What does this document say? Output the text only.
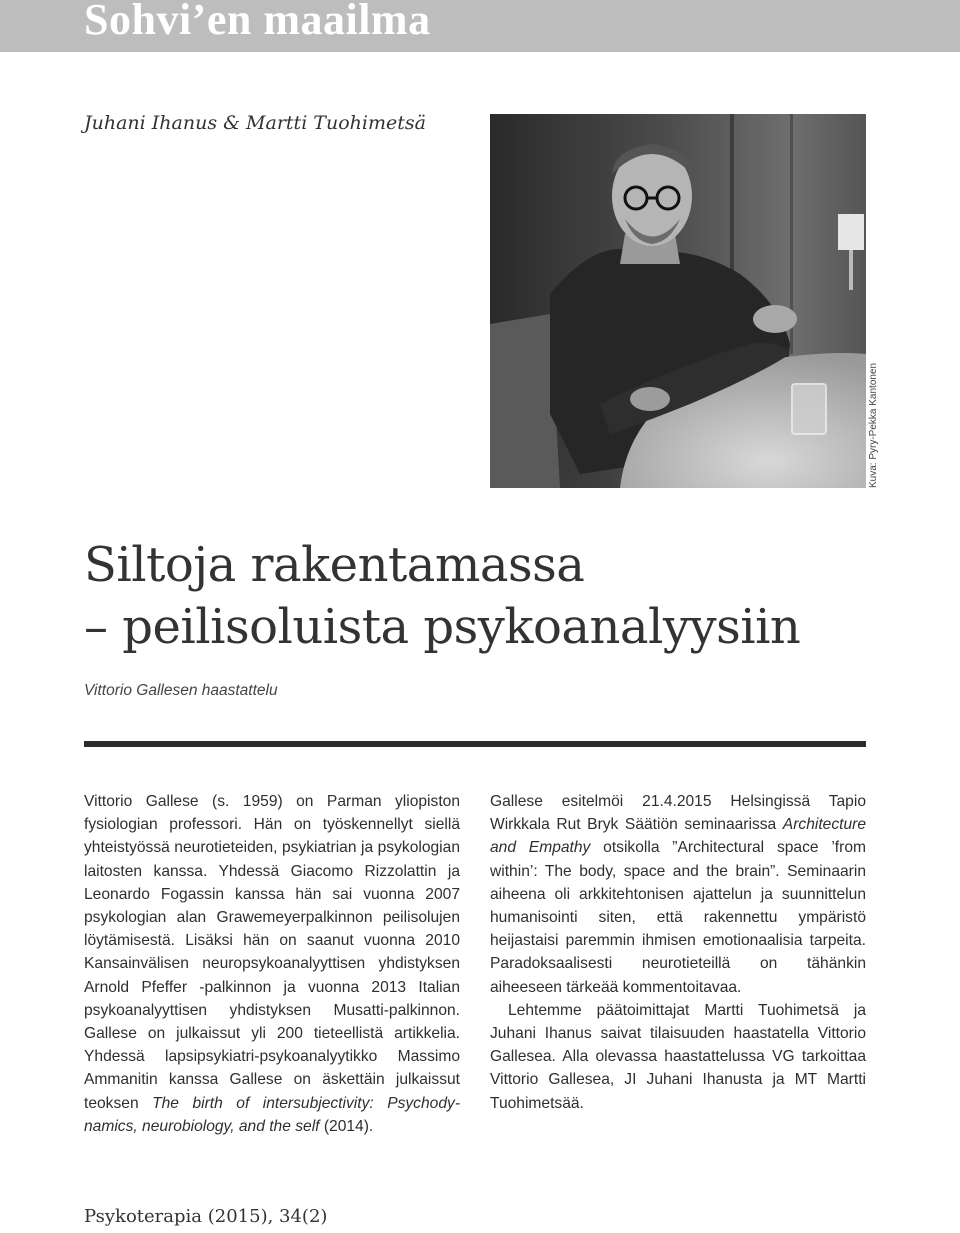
Sohvi’en maailma
Juhani Ihanus & Martti Tuohimetsä
Kuva: Pyry-Pekka Kantonen
Siltoja rakentamassa
– peilisoluista psykoanalyysiin
Vittorio Gallesen haastattelu

Vittorio Gallese (s. 1959) on Parman yliopiston fysiologian professori. Hän on työskennellyt siellä yhteistyössä neurotieteiden, psykiatrian ja psykologian laitosten kanssa. Yhdessä Giacomo Rizzolattin ja Leonardo Fogassin kanssa hän sai vuonna 2007 psykologian alan Grawemeyerpalkinnon peilisolujen löytämisestä. Lisäksi hän on saanut vuonna 2010 Kansainvälisen neuropsykoanalyyttisen yhdistyksen Arnold Pfeffer -palkinnon ja vuonna 2013 Italian psykoanalyyttisen yhdistyksen Musatti-palkinnon. Gallese on julkaissut yli 200 tieteellistä artikkelia. Yhdessä lapsipsykiatri-psykoanalyytikko Massimo Ammanitin kanssa Gallese on äskettäin julkaissut teoksen The birth of intersubjectivity: Psychodynamics, neurobiology, and the self (2014).

Gallese esitelmöi 21.4.2015 Helsingissä Tapio Wirkkala Rut Bryk Säätiön seminaarissa Architecture and Empathy otsikolla ”Architectural space ’from within’: The body, space and the brain”. Seminaarin aiheena oli arkkitehtonisen ajattelun ja suunnittelun humanisointi siten, että rakennettu ympäristö heijastaisi paremmin ihmisen emotionaalisia tarpeita. Paradoksaalisesti neurotieteillä on tähänkin aiheeseen tärkeää kommentoitavaa.

Lehtemme päätoimittajat Martti Tuohimetsä ja Juhani Ihanus saivat tilaisuuden haastatella Vittorio Gallesea. Alla olevassa haastattelussa VG tarkoittaa Vittorio Gallesea, JI Juhani Ihanusta ja MT Martti Tuohimetsää.

Psykoterapia (2015), 34(2)
